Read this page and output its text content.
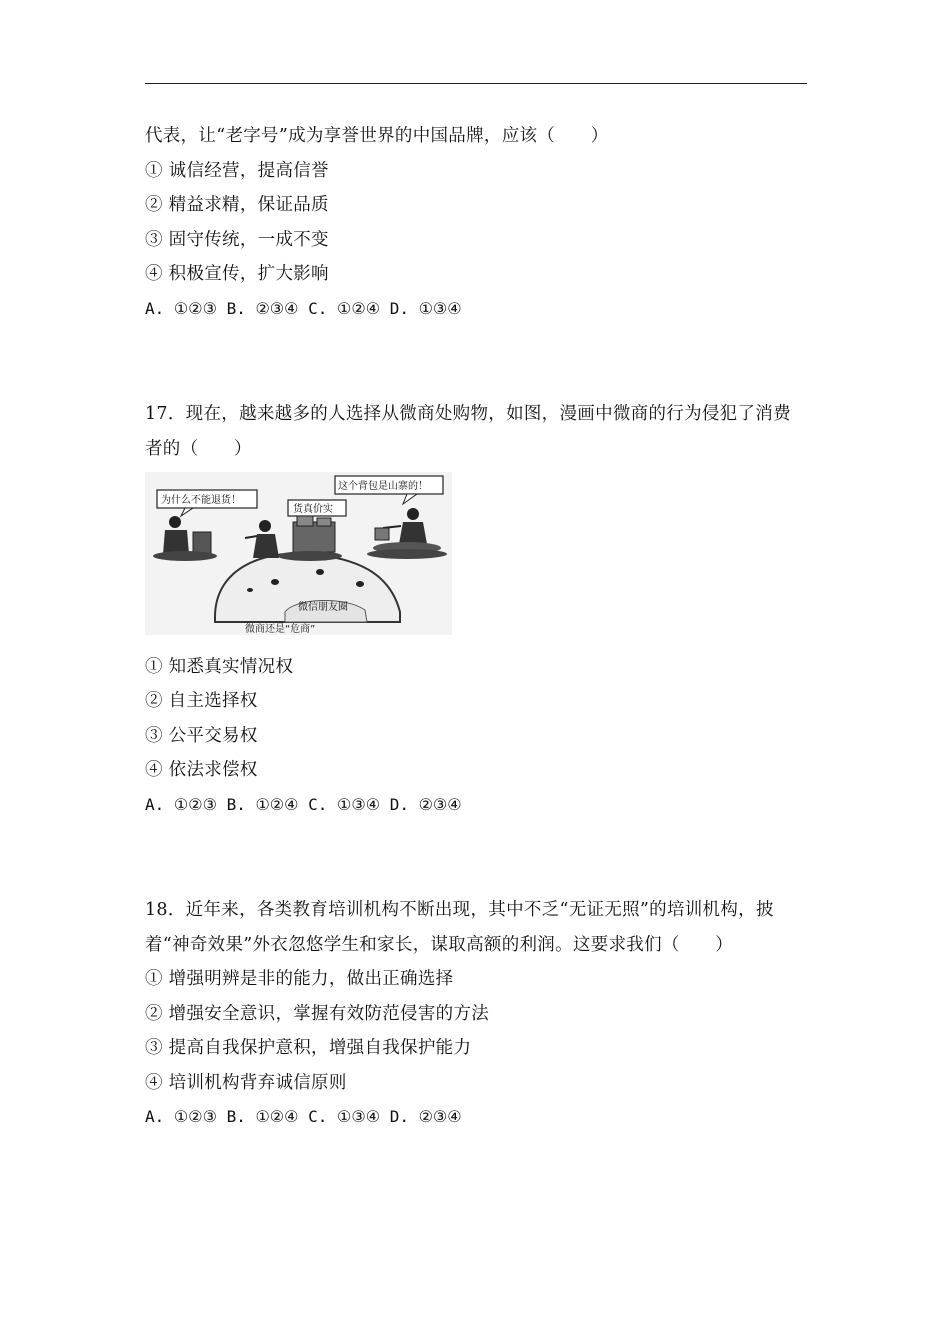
代表，让“老字号”成为享誉世界的中国品牌，应该（　　）
① 诚信经营，提高信誉
② 精益求精，保证品质
③ 固守传统，一成不变
④ 积极宣传，扩大影响
A. ①②③ B. ②③④ C. ①②④ D. ①③④
17．现在，越来越多的人选择从微商处购物，如图，漫画中微商的行为侵犯了消费
者的（　　）
微信朋友圈
为什么不能退货！
货真价实
这个背包是山寨的！
微商还是“危商”
① 知悉真实情况权
② 自主选择权
③ 公平交易权
④ 依法求偿权
A. ①②③ B. ①②④ C. ①③④ D. ②③④
18．近年来，各类教育培训机构不断出现，其中不乏“无证无照”的培训机构，披
着“神奇效果”外衣忽悠学生和家长，谋取高额的利润。这要求我们（　　）
① 增强明辨是非的能力，做出正确选择
② 增强安全意识，掌握有效防范侵害的方法
③ 提高自我保护意积，增强自我保护能力
④ 培训机构背弃诚信原则
A. ①②③ B. ①②④ C. ①③④ D. ②③④
